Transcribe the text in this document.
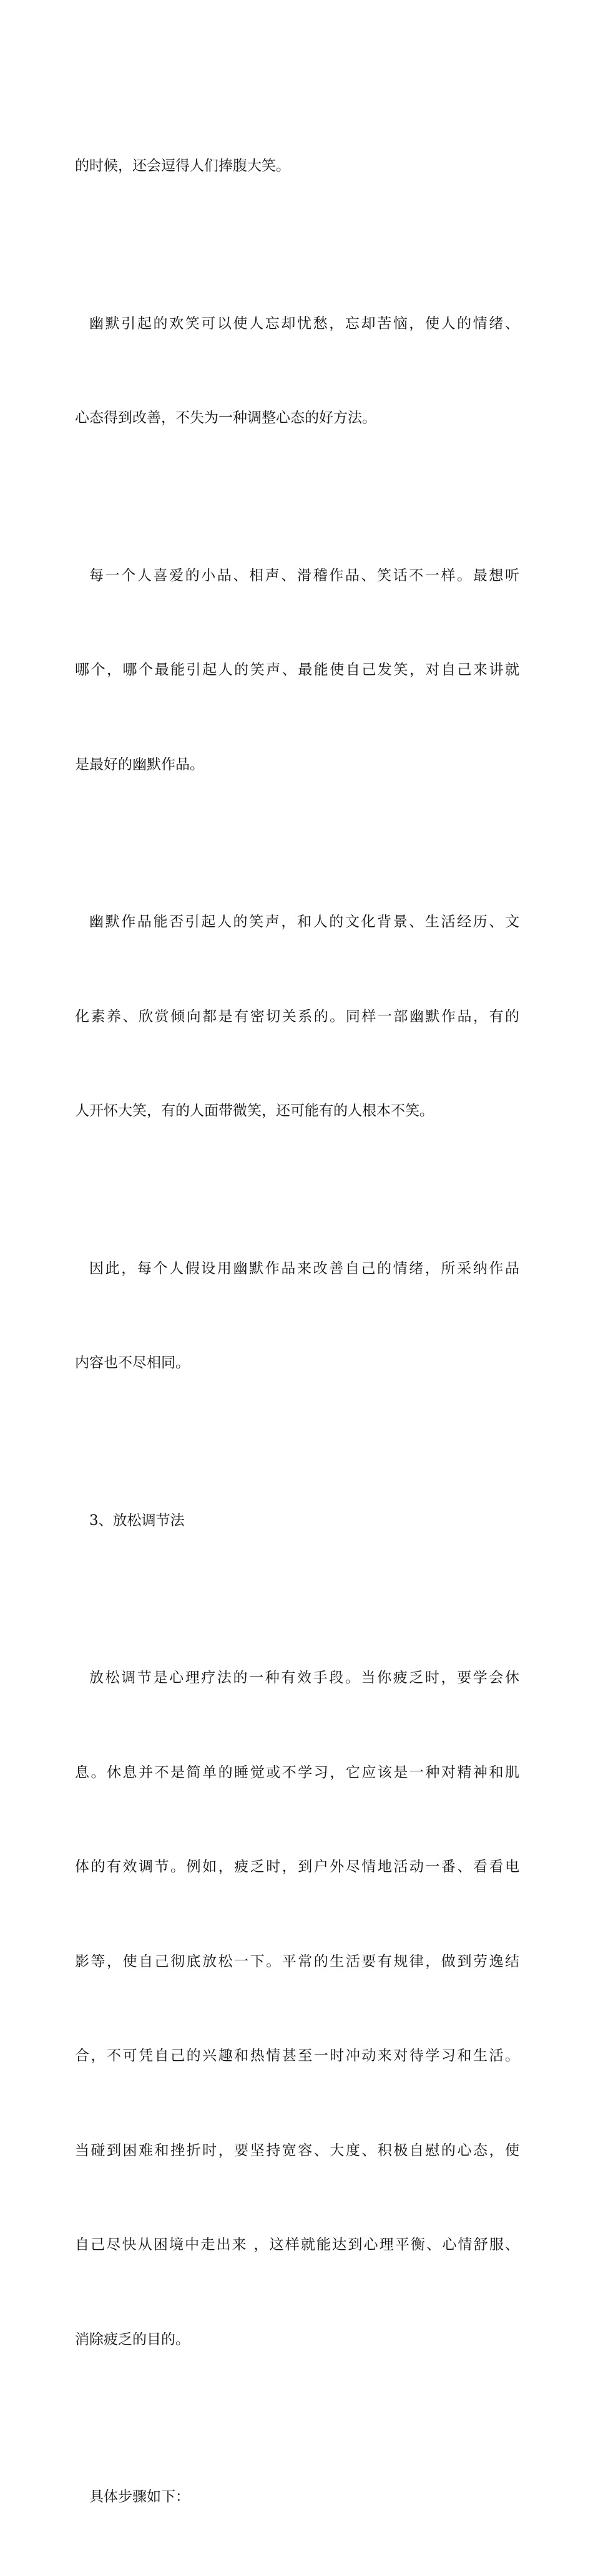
的时候，还会逗得人们捧腹大笑。

幽默引起的欢笑可以使人忘却忧愁，忘却苦恼，使人的情绪、

心态得到改善，不失为一种调整心态的好方法。

每一个人喜爱的小品、相声、滑稽作品、笑话不一样。最想听

哪个，哪个最能引起人的笑声、最能使自己发笑，对自己来讲就

是最好的幽默作品。

幽默作品能否引起人的笑声，和人的文化背景、生活经历、文

化素养、欣赏倾向都是有密切关系的。同样一部幽默作品，有的

人开怀大笑，有的人面带微笑，还可能有的人根本不笑。

因此，每个人假设用幽默作品来改善自己的情绪，所采纳作品

内容也不尽相同。

3、放松调节法

放松调节是心理疗法的一种有效手段。当你疲乏时，要学会休

息。休息并不是简单的睡觉或不学习，它应该是一种对精神和肌

体的有效调节。例如，疲乏时，到户外尽情地活动一番、看看电

影等，使自己彻底放松一下。平常的生活要有规律，做到劳逸结

合，不可凭自己的兴趣和热情甚至一时冲动来对待学习和生活。

当碰到困难和挫折时，要坚持宽容、大度、积极自慰的心态，使

自己尽快从困境中走出来 ，这样就能达到心理平衡、心情舒服、

消除疲乏的目的。

具体步骤如下：
